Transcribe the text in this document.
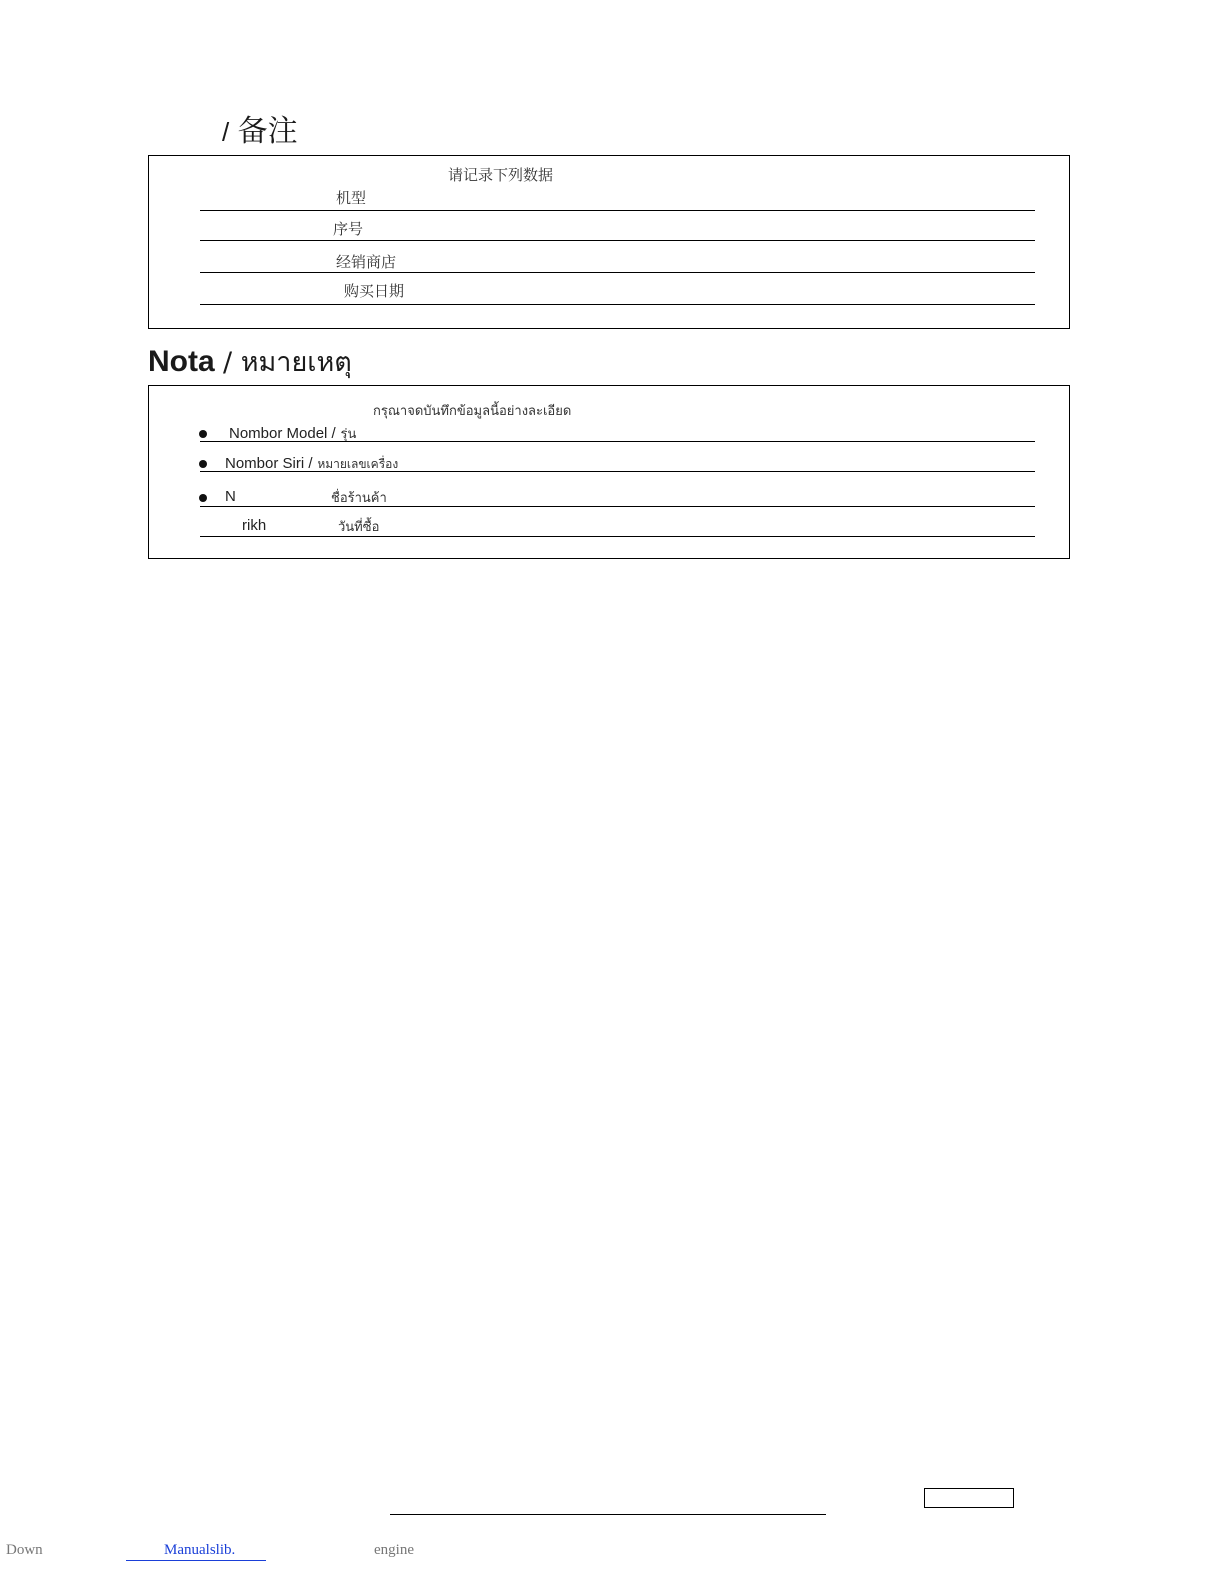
/ 备注
请记录下列数据
机型
序号
经销商店
购买日期
Nota / หมายเหตุ
กรุณาจดบันทึกข้อมูลนี้อย่างละเอียด
Nombor Model / รุ่น
Nombor Siri / หมายเลขเครื่อง
N	ชื่อร้านค้า
rikh	วันที่ซื้อ
Down	Manualslib.	engine
